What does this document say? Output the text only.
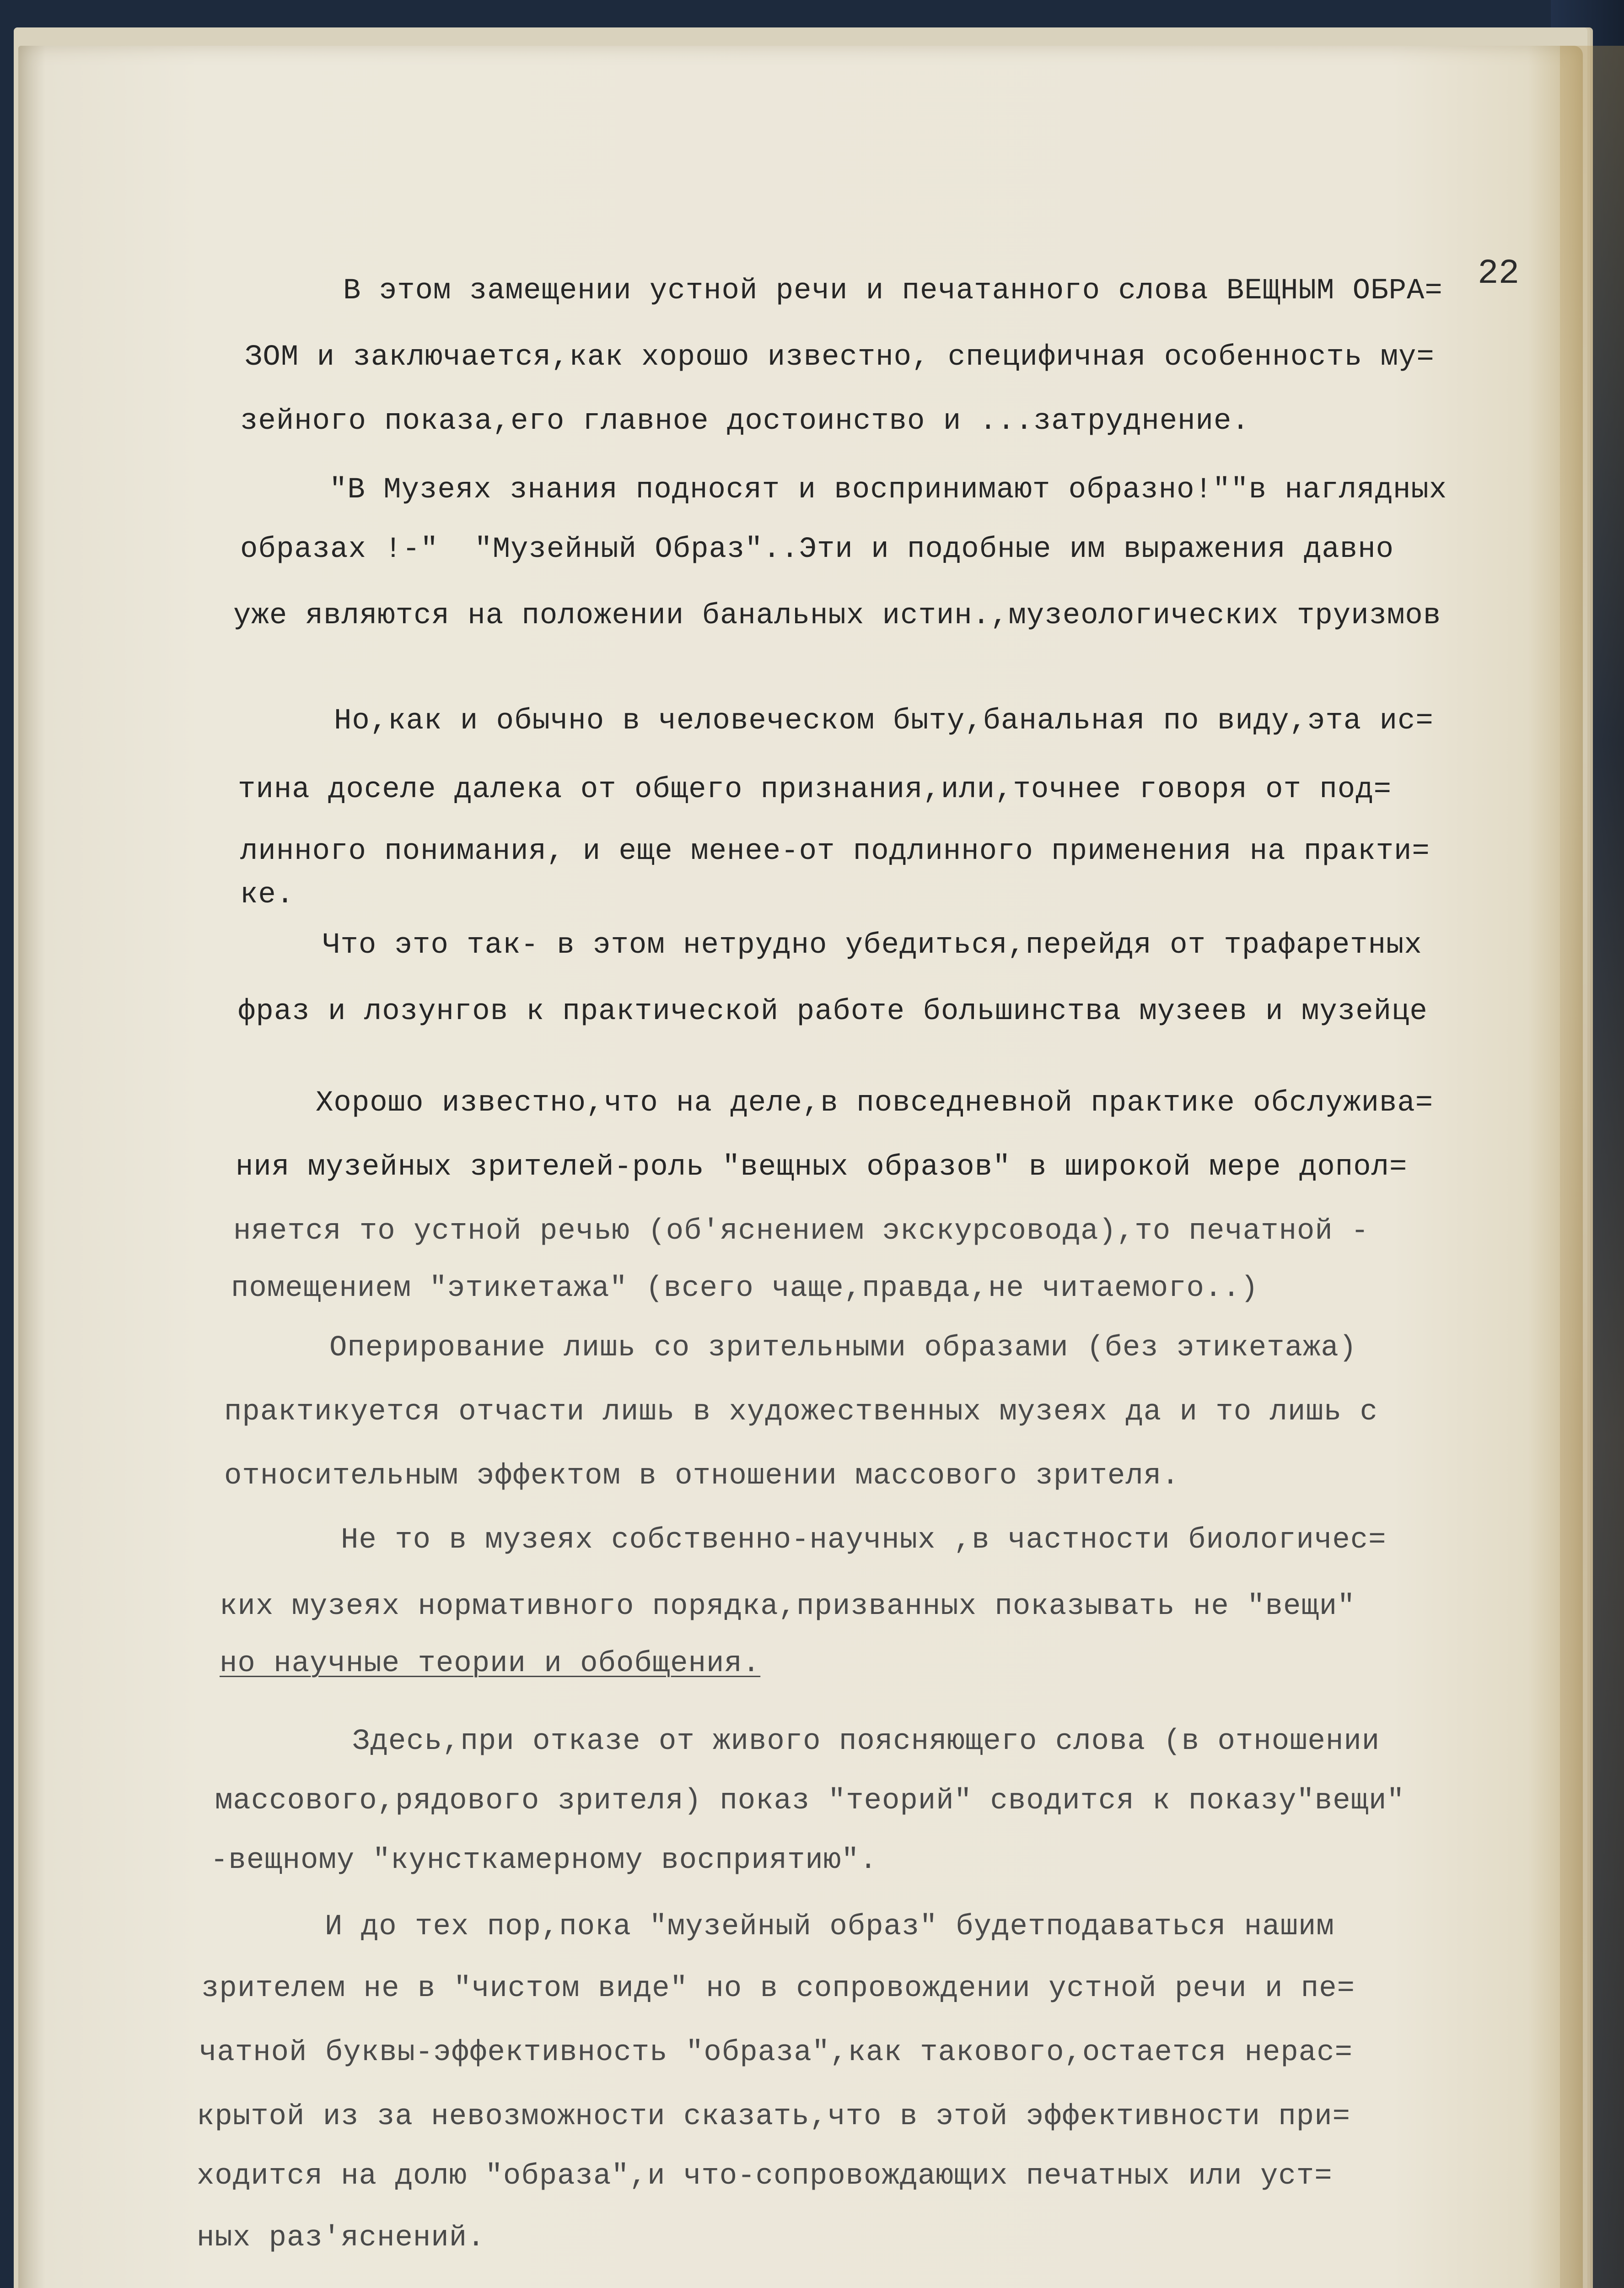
22
В этом замещении устной речи и печатанного слова ВЕЩНЫМ ОБРА=
ЗОМ и заключается,как хорошо известно, специфичная особенность му=
зейного показа,его главное достоинство и ...затруднение.
"В Музеях знания подносят и воспринимают образно!""в наглядных
образах !-"  "Музейный Образ"..Эти и подобные им выражения давно
уже являются на положении банальных истин.,музеологических труизмов
Но,как и обычно в человеческом быту,банальная по виду,эта ис=
тина доселе далека от общего признания,или,точнее говоря от под=
линного понимания, и еще менее-от подлинного применения на практи=
ке.
Что это так- в этом нетрудно убедиться,перейдя от трафаретных
фраз и лозунгов к практической работе большинства музеев и музейце
Хорошо известно,что на деле,в повседневной практике обслужива=
ния музейных зрителей-роль "вещных образов" в широкой мере допол=
няется то устной речью (об'яснением экскурсовода),то печатной -
помещением "этикетажа" (всего чаще,правда,не читаемого..)
Оперирование лишь со зрительными образами (без этикетажа)
практикуется отчасти лишь в художественных музеях да и то лишь с
относительным эффектом в отношении массового зрителя.
Не то в музеях собственно-научных ,в частности биологичес=
ких музеях нормативного порядка,призванных показывать не "вещи"
но научные теории и обобщения.
Здесь,при отказе от живого поясняющего слова (в отношении
массового,рядового зрителя) показ "теорий" сводится к показу"вещи"
-вещному "кунсткамерному восприятию".
И до тех пор,пока "музейный образ" будетподаваться нашим
зрителем не в "чистом виде" но в сопровождении устной речи и пе=
чатной буквы-эффективность "образа",как такового,остается нерас=
крытой из за невозможности сказать,что в этой эффективности при=
ходится на долю "образа",и что-сопровождающих печатных или уст=
ных раз'яснений.
